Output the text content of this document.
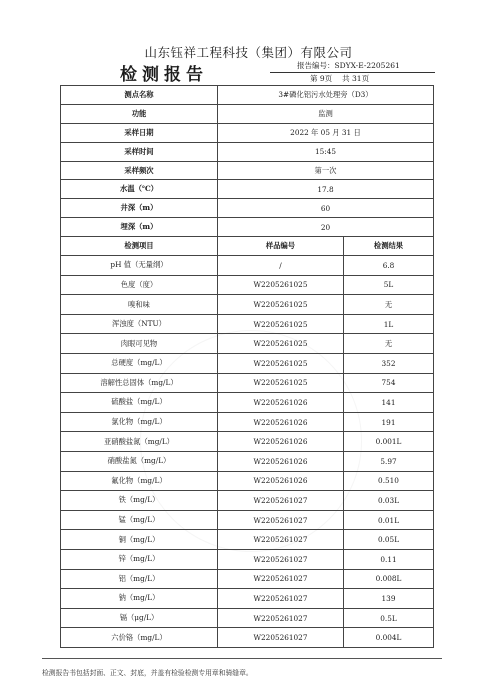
山东钰祥工程科技（集团）有限公司
检测报告	报告编号：SDYX-E-2205261
第 9页 共 31页
测点名称	3#磷化铝污水处理旁（D3）	
功能	监测	
采样日期	2022 年 05 月 31 日	
采样时间	15:45	
采样频次	第一次	
水温（℃）	17.8	
井深（m）	60	
埋深（m）	20	
检测项目	样品编号	检测结果
pH 值（无量纲）	/	6.8
色度（度）	W2205261025	5L
嗅和味	W2205261025	无
浑浊度（NTU）	W2205261025	1L
肉眼可见物	W2205261025	无
总硬度（mg/L）	W2205261025	352
溶解性总固体（mg/L）	W2205261025	754
硫酸盐（mg/L）	W2205261026	141
氯化物（mg/L）	W2205261026	191
亚硝酸盐氮（mg/L）	W2205261026	0.001L
硝酸盐氮（mg/L）	W2205261026	5.97
氟化物（mg/L）	W2205261026	0.510
铁（mg/L）	W2205261027	0.03L
锰（mg/L）	W2205261027	0.01L
铜（mg/L）	W2205261027	0.05L
锌（mg/L）	W2205261027	0.11
铝（mg/L）	W2205261027	0.008L
钠（mg/L）	W2205261027	139
镉（μg/L）	W2205261027	0.5L
六价铬（mg/L）	W2205261027	0.004L
检测报告书包括封面、正文、封底，并盖有检验检测专用章和骑缝章。
